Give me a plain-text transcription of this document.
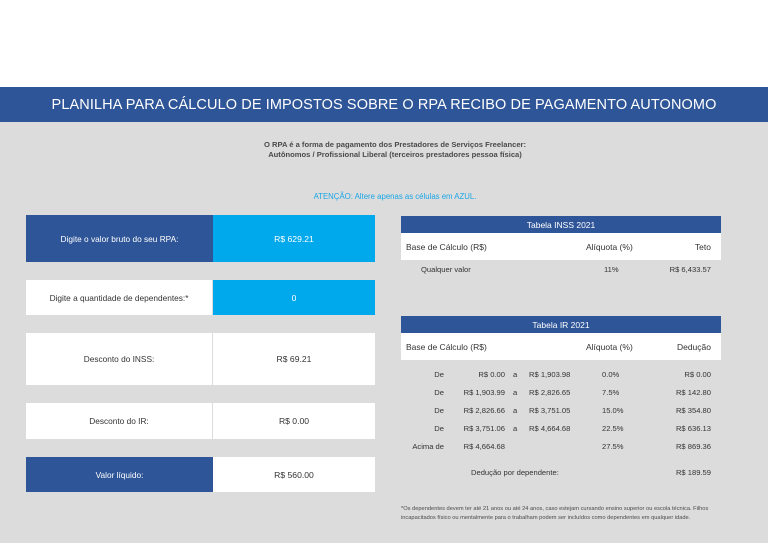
PLANILHA PARA CÁLCULO DE IMPOSTOS SOBRE O RPA RECIBO DE PAGAMENTO AUTONOMO
O RPA é a forma de pagamento dos Prestadores de Serviços Freelancer:
Autônomos / Profissional Liberal (terceiros prestadores pessoa física)
ATENÇÃO: Altere apenas as células em AZUL.
Digite o valor bruto do seu RPA:	R$ 629.21
Digite a quantidade de dependentes:*	0
Desconto do INSS:	R$ 69.21
Desconto do IR:	R$ 0.00
Valor líquido:	R$ 560.00
Tabela INSS 2021
Base de Cálculo (R$)	Alíquota (%)	Teto
Qualquer valor	11%	R$ 6,433.57
Tabela IR 2021
Base de Cálculo (R$)	Alíquota (%)	Dedução
De	R$ 0.00 a R$ 1,903.98	0.0%	R$ 0.00
De	R$ 1,903.99 a R$ 2,826.65	7.5%	R$ 142.80
De	R$ 2,826.66 a R$ 3,751.05	15.0%	R$ 354.80
De	R$ 3,751.06 a R$ 4,664.68	22.5%	R$ 636.13
Acima de	R$ 4,664.68	27.5%	R$ 869.36
Dedução por dependente:	R$ 189.59
*Os dependentes devem ter até 21 anos ou até 24 anos, caso estejam cursando ensino superior ou escola técnica. Filhos incapacitados físico ou mentalmente para o trabalham podem ser incluídos como dependentes em qualquer idade.
